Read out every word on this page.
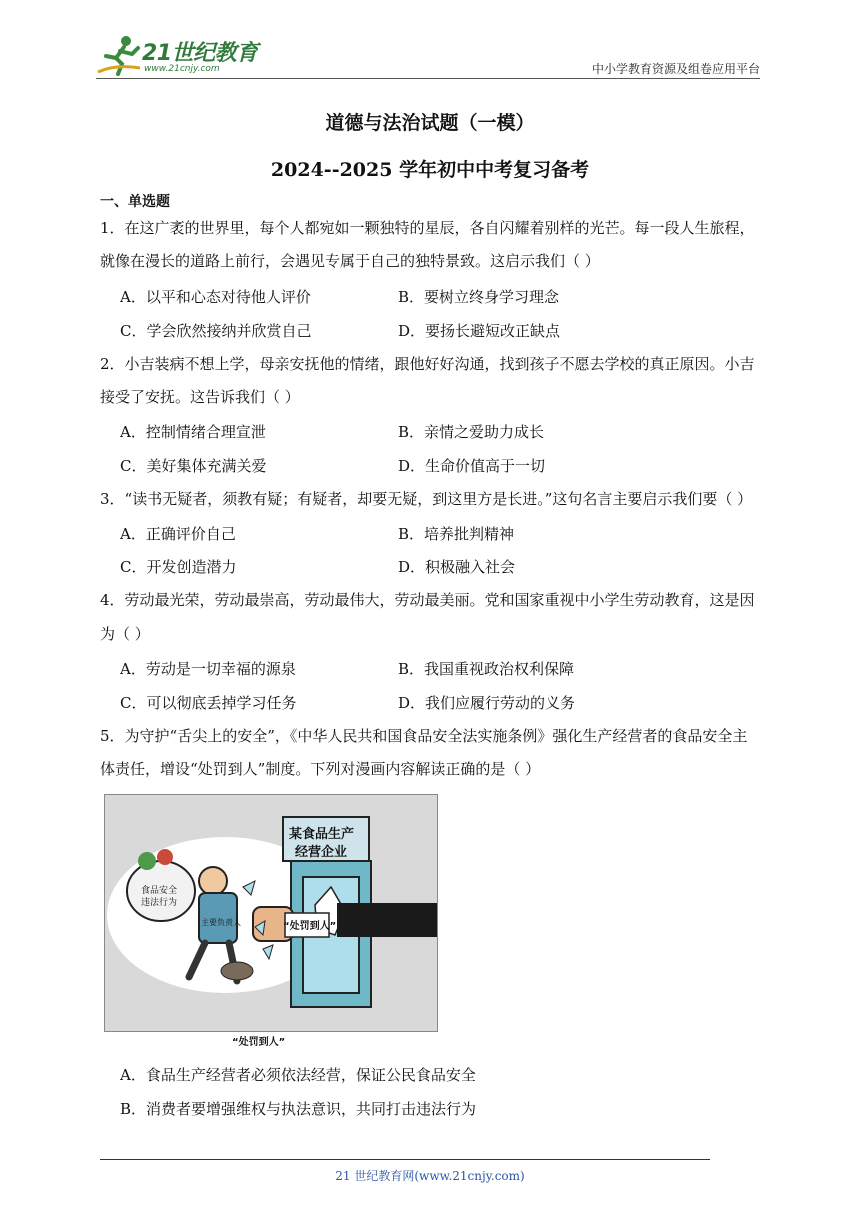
21世纪教育
www.21cnjy.com	中小学教育资源及组卷应用平台
道德与法治试题（一模）
2024--2025 学年初中中考复习备考
一、单选题
1．在这广袤的世界里，每个人都宛如一颗独特的星辰，各自闪耀着别样的光芒。每一段人生旅程，
就像在漫长的道路上前行，会遇见专属于自己的独特景致。这启示我们（ ）
A．以平和心态对待他人评价	B．要树立终身学习理念
C．学会欣然接纳并欣赏自己	D．要扬长避短改正缺点
2．小吉装病不想上学，母亲安抚他的情绪，跟他好好沟通，找到孩子不愿去学校的真正原因。小吉
接受了安抚。这告诉我们（ ）
A．控制情绪合理宣泄	B．亲情之爱助力成长
C．美好集体充满关爱	D．生命价值高于一切
3．“读书无疑者，须教有疑；有疑者，却要无疑，到这里方是长进。”这句名言主要启示我们要（ ）
A．正确评价自己	B．培养批判精神
C．开发创造潜力	D．积极融入社会
4．劳动最光荣，劳动最崇高，劳动最伟大，劳动最美丽。党和国家重视中小学生劳动教育，这是因
为（ ）
A．劳动是一切幸福的源泉	B．我国重视政治权利保障
C．可以彻底丢掉学习任务	D．我们应履行劳动的义务
5．为守护“舌尖上的安全”，《中华人民共和国食品安全法实施条例》强化生产经营者的食品安全主
体责任，增设“处罚到人”制度。下列对漫画内容解读正确的是（ ）
某食品生产
经营企业
“处罚到人”
食品安全
违法行为
主要负责人
“处罚到人”
A．食品生产经营者必须依法经营，保证公民食品安全
B．消费者要增强维权与执法意识，共同打击违法行为
21 世纪教育网(www.21cnjy.com)
